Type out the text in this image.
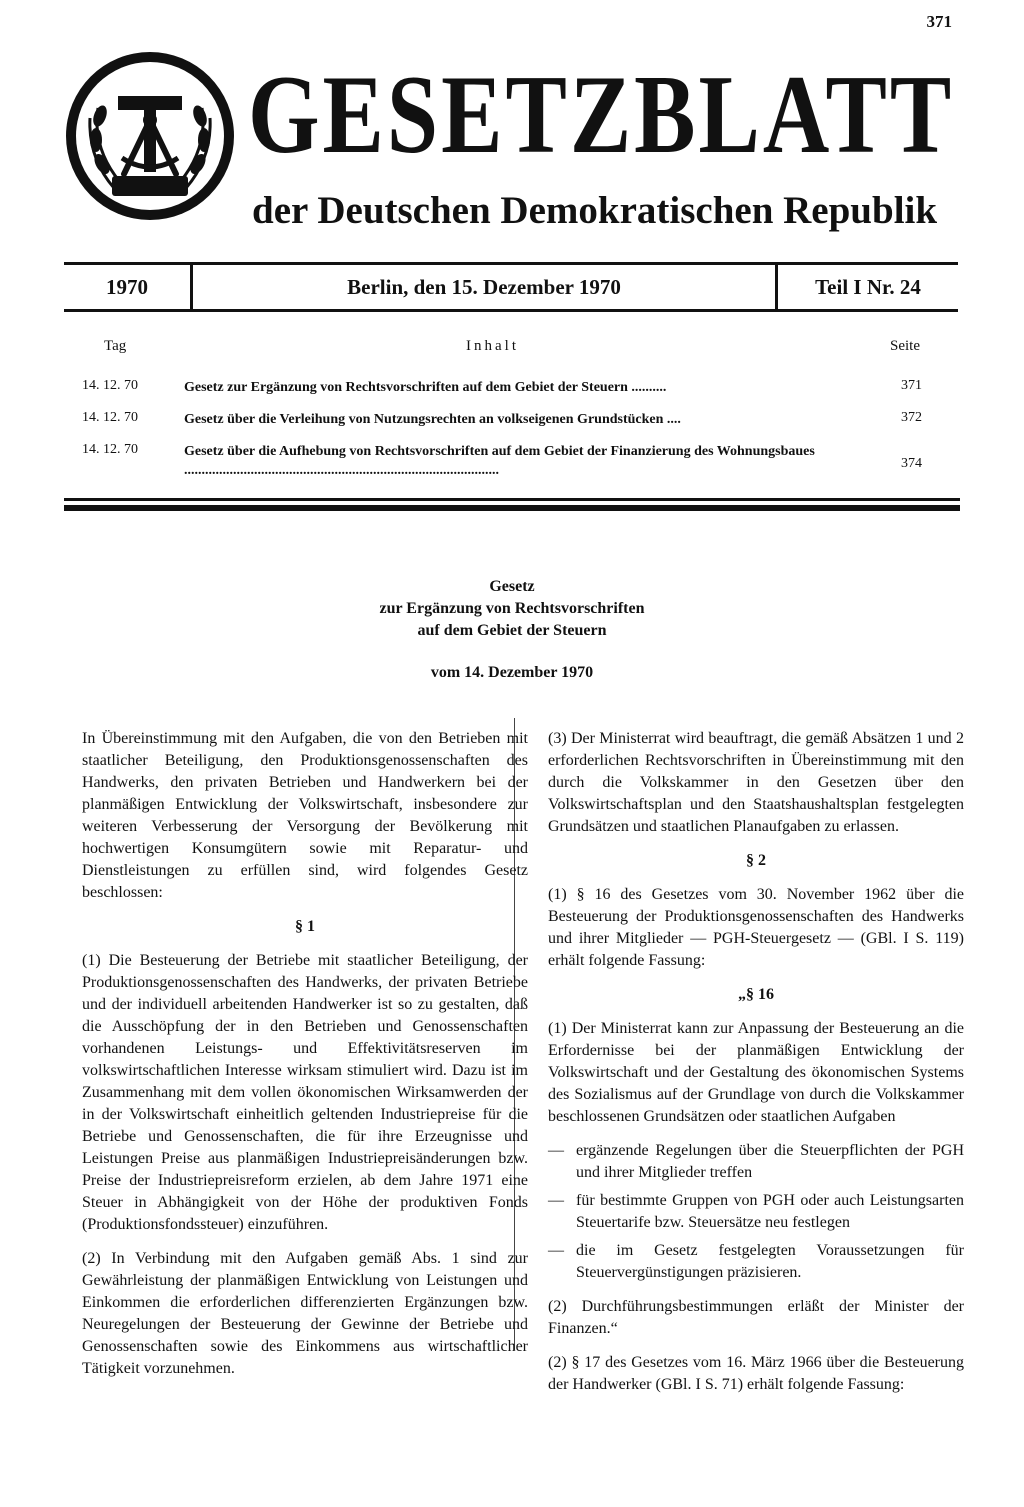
371
GESETZBLATT
der Deutschen Demokratischen Republik
1970	Berlin, den 15. Dezember 1970	Teil I Nr. 24
Tag	Inhalt	Seite
14. 12. 70	Gesetz zur Ergänzung von Rechtsvorschriften auf dem Gebiet der Steuern ..........	371
14. 12. 70	Gesetz über die Verleihung von Nutzungsrechten an volkseigenen Grundstücken ....	372
14. 12. 70	Gesetz über die Aufhebung von Rechtsvorschriften auf dem Gebiet der Finanzierung des Wohnungsbaues ..........................................................................................	374
Gesetz
zur Ergänzung von Rechtsvorschriften
auf dem Gebiet der Steuern
vom 14. Dezember 1970

In Übereinstimmung mit den Aufgaben, die von den Betrieben mit staatlicher Beteiligung, den Produktionsgenossenschaften des Handwerks, den privaten Betrieben und Handwerkern bei der planmäßigen Entwicklung der Volkswirtschaft, insbesondere zur weiteren Verbesserung der Versorgung der Bevölkerung mit hochwertigen Konsumgütern sowie mit Reparatur- und Dienstleistungen zu erfüllen sind, wird folgendes Gesetz beschlossen:

§ 1

(1) Die Besteuerung der Betriebe mit staatlicher Beteiligung, der Produktionsgenossenschaften des Handwerks, der privaten Betriebe und der individuell arbeitenden Handwerker ist so zu gestalten, daß die Ausschöpfung der in den Betrieben und Genossenschaften vorhandenen Leistungs- und Effektivitätsreserven im volkswirtschaftlichen Interesse wirksam stimuliert wird. Dazu ist im Zusammenhang mit dem vollen ökonomischen Wirksamwerden der in der Volkswirtschaft einheitlich geltenden Industriepreise für die Betriebe und Genossenschaften, die für ihre Erzeugnisse und Leistungen Preise aus planmäßigen Industriepreisänderungen bzw. Preise der Industriepreisreform erzielen, ab dem Jahre 1971 eine Steuer in Abhängigkeit von der Höhe der produktiven Fonds (Produktionsfondssteuer) einzuführen.

(2) In Verbindung mit den Aufgaben gemäß Abs. 1 sind zur Gewährleistung der planmäßigen Entwicklung von Leistungen und Einkommen die erforderlichen differenzierten Ergänzungen bzw. Neuregelungen der Besteuerung der Gewinne der Betriebe und Genossenschaften sowie des Einkommens aus wirtschaftlicher Tätigkeit vorzunehmen.

(3) Der Ministerrat wird beauftragt, die gemäß Absätzen 1 und 2 erforderlichen Rechtsvorschriften in Übereinstimmung mit den durch die Volkskammer in den Gesetzen über den Volkswirtschaftsplan und den Staatshaushaltsplan festgelegten Grundsätzen und staatlichen Planaufgaben zu erlassen.

§ 2

(1) § 16 des Gesetzes vom 30. November 1962 über die Besteuerung der Produktionsgenossenschaften des Handwerks und ihrer Mitglieder — PGH-Steuergesetz — (GBl. I S. 119) erhält folgende Fassung:

„§ 16

(1) Der Ministerrat kann zur Anpassung der Besteuerung an die Erfordernisse bei der planmäßigen Entwicklung der Volkswirtschaft und der Gestaltung des ökonomischen Systems des Sozialismus auf der Grundlage von durch die Volkskammer beschlossenen Grundsätzen oder staatlichen Aufgaben

— ergänzende Regelungen über die Steuerpflichten der PGH und ihrer Mitglieder treffen
— für bestimmte Gruppen von PGH oder auch Leistungsarten Steuertarife bzw. Steuersätze neu festlegen
— die im Gesetz festgelegten Voraussetzungen für Steuervergünstigungen präzisieren.

(2) Durchführungsbestimmungen erläßt der Minister der Finanzen.“

(2) § 17 des Gesetzes vom 16. März 1966 über die Besteuerung der Handwerker (GBl. I S. 71) erhält folgende Fassung:
